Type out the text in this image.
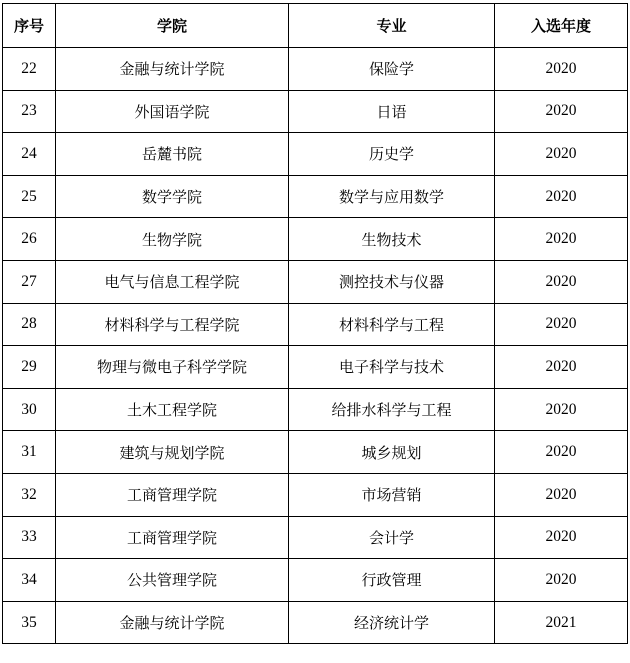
序号	学院	专业	入选年度
22	金融与统计学院	保险学	2020
23	外国语学院	日语	2020
24	岳麓书院	历史学	2020
25	数学学院	数学与应用数学	2020
26	生物学院	生物技术	2020
27	电气与信息工程学院	测控技术与仪器	2020
28	材料科学与工程学院	材料科学与工程	2020
29	物理与微电子科学学院	电子科学与技术	2020
30	土木工程学院	给排水科学与工程	2020
31	建筑与规划学院	城乡规划	2020
32	工商管理学院	市场营销	2020
33	工商管理学院	会计学	2020
34	公共管理学院	行政管理	2020
35	金融与统计学院	经济统计学	2021
